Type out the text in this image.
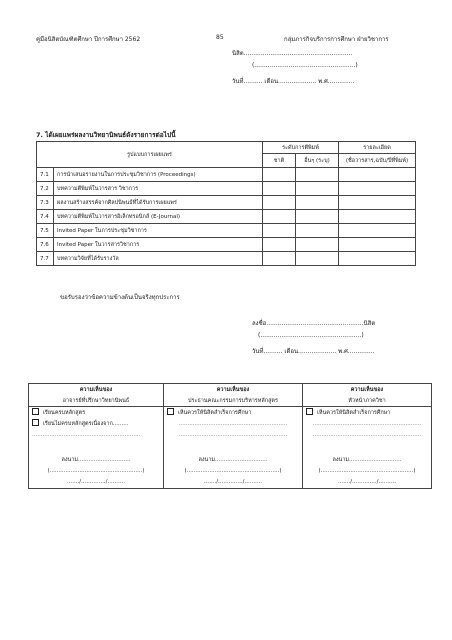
คู่มือนิสิตบัณฑิตศึกษา ปีการศึกษา 2562	85	กลุ่มภารกิจบริการการศึกษา ฝ่ายวิชาการ
นิสิต.........................................................
(.....................................................)
วันที่.......... เดือน.................... พ.ศ..............
7. ได้เผยแพร่ผลงานวิทยานิพนธ์ดังรายการต่อไปนี้
รูปแบบการเผยแพร่		ระดับการตีพิมพ์		รายละเอียด
		ชาติ	อื่นๆ (ระบุ)	(ชื่อวารสาร,ฉบับ/ปีที่พิมพ์)
7.1	การนำเสนอรายงานในการประชุมวิชาการ (Proceedings)			
7.2	บทความตีพิมพ์ในวารสาร วิชาการ			
7.3	ผลงานสร้างสรรค์จากศิลปนิพนธ์ที่ได้รับการเผยแพร่			
7.4	บทความตีพิมพ์ในวารสารอิเล็กทรอนิกส์ (E-Journal)			
7.5	Invited Paper ในการประชุมวิชาการ			
7.6	Invited Paper ในวารสารวิชาการ			
7.7	บทความวิจัยที่ได้รับรางวัล			
ขอรับรองว่าข้อความข้างต้นเป็นจริงทุกประการ
ลงชื่อ...................................................นิสิต
(.....................................................)
วันที่.......... เดือน.................... พ.ศ..............
ความเห็นของ	ความเห็นของ	ความเห็นของ
อาจารย์ที่ปรึกษาวิทยานิพนธ์	ประธานคณะกรรมการบริหารหลักสูตร	หัวหน้าภาควิชา
เรียนครบหลักสูตร	เห็นควรให้นิสิตสำเร็จการศึกษา	เห็นควรให้นิสิตสำเร็จการศึกษา
เรียนไม่ครบหลักสูตรเนื่องจาก.........	..............................................................	..............................................................
..............................................................	..............................................................	..............................................................

ลงนาม..............................	ลงนาม..............................	ลงนาม..............................
(.....................................................)	(.....................................................)	(.....................................................)
......./............../..........	......./............../..........	......./............../..........
